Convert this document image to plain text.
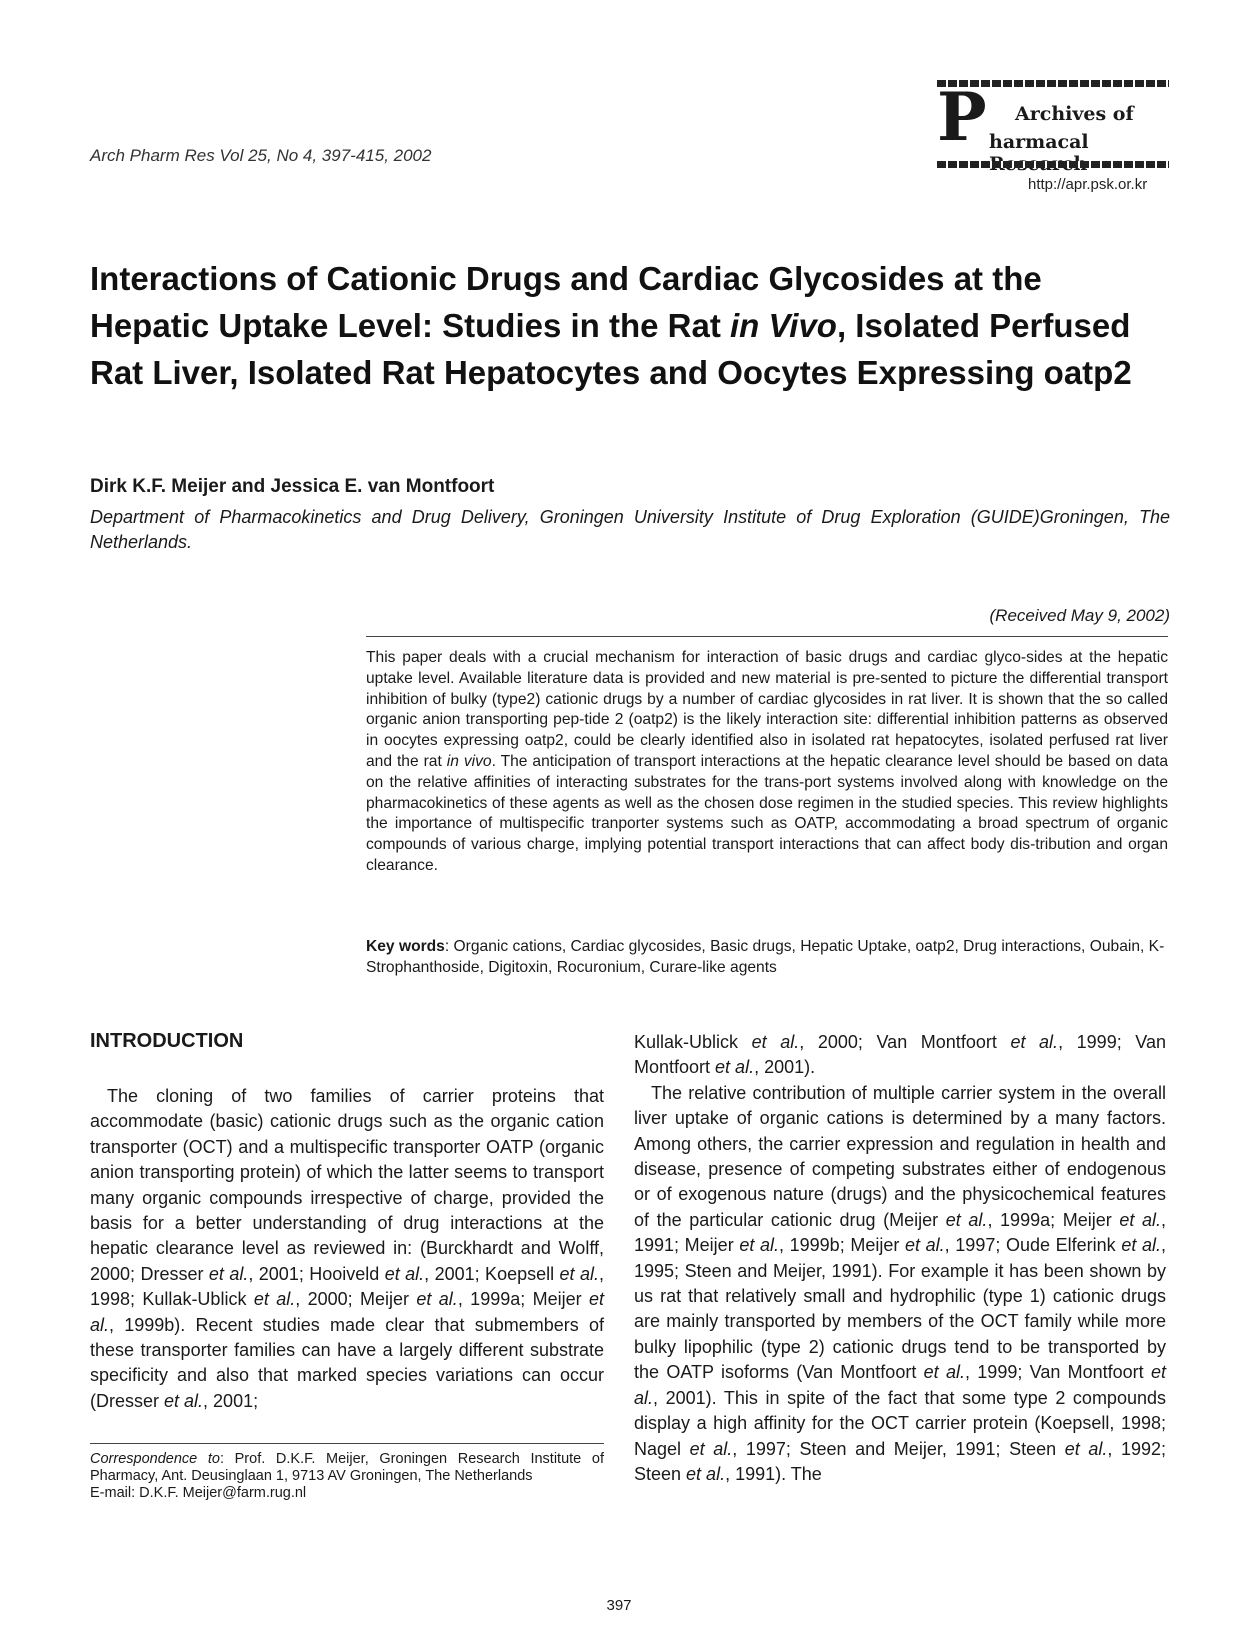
Arch Pharm Res Vol 25, No 4, 397-415, 2002	P Archives of
harmacal
http://apr.psk.or.kr
Interactions of Cationic Drugs and Cardiac Glycosides at the Hepatic Uptake Level: Studies in the Rat in Vivo, Isolated Perfused Rat Liver, Isolated Rat Hepatocytes and Oocytes Expressing oatp2
Dirk K.F. Meijer and Jessica E. van Montfoort
Department of Pharmacokinetics and Drug Delivery, Groningen University Institute of Drug Exploration (GUIDE)Groningen, The Netherlands.
(Received May 9, 2002)
This paper deals with a crucial mechanism for interaction of basic drugs and cardiac glyco-sides at the hepatic uptake level. Available literature data is provided and new material is pre-sented to picture the differential transport inhibition of bulky (type2) cationic drugs by a number of cardiac glycosides in rat liver. It is shown that the so called organic anion transporting pep-tide 2 (oatp2) is the likely interaction site: differential inhibition patterns as observed in oocytes expressing oatp2, could be clearly identified also in isolated rat hepatocytes, isolated perfused rat liver and the rat in vivo. The anticipation of transport interactions at the hepatic clearance level should be based on data on the relative affinities of interacting substrates for the trans-port systems involved along with knowledge on the pharmacokinetics of these agents as well as the chosen dose regimen in the studied species. This review highlights the importance of multispecific tranporter systems such as OATP, accommodating a broad spectrum of organic compounds of various charge, implying potential transport interactions that can affect body dis-tribution and organ clearance.
Key words: Organic cations, Cardiac glycosides, Basic drugs, Hepatic Uptake, oatp2, Drug interactions, Oubain, K-Strophanthoside, Digitoxin, Rocuronium, Curare-like agents
INTRODUCTION
The cloning of two families of carrier proteins that accommodate (basic) cationic drugs such as the organic cation transporter (OCT) and a multispecific transporter OATP (organic anion transporting protein) of which the latter seems to transport many organic compounds irrespective of charge, provided the basis for a better understanding of drug interactions at the hepatic clearance level as reviewed in: (Burckhardt and Wolff, 2000; Dresser et al., 2001; Hooiveld et al., 2001; Koepsell et al., 1998; Kullak-Ublick et al., 2000; Meijer et al., 1999a; Meijer et al., 1999b). Recent studies made clear that submembers of these transporter families can have a largely different substrate specificity and also that marked species variations can occur (Dresser et al., 2001;

Kullak-Ublick et al., 2000; Van Montfoort et al., 1999; Van Montfoort et al., 2001).

The relative contribution of multiple carrier system in the overall liver uptake of organic cations is determined by a many factors. Among others, the carrier expression and regulation in health and disease, presence of competing substrates either of endogenous or of exogenous nature (drugs) and the physicochemical features of the particular cationic drug (Meijer et al., 1999a; Meijer et al., 1991; Meijer et al., 1999b; Meijer et al., 1997; Oude Elferink et al., 1995; Steen and Meijer, 1991). For example it has been shown by us rat that relatively small and hydrophilic (type 1) cationic drugs are mainly transported by members of the OCT family while more bulky lipophilic (type 2) cationic drugs tend to be transported by the OATP isoforms (Van Montfoort et al., 1999; Van Montfoort et al., 2001). This in spite of the fact that some type 2 compounds display a high affinity for the OCT carrier protein (Koepsell, 1998; Nagel et al., 1997; Steen and Meijer, 1991; Steen et al., 1992; Steen et al., 1991). The

Correspondence to: Prof. D.K.F. Meijer, Groningen Research Institute of Pharmacy, Ant. Deusinglaan 1, 9713 AV Groningen, The Netherlands
E-mail: D.K.F. Meijer@farm.rug.nl
397
